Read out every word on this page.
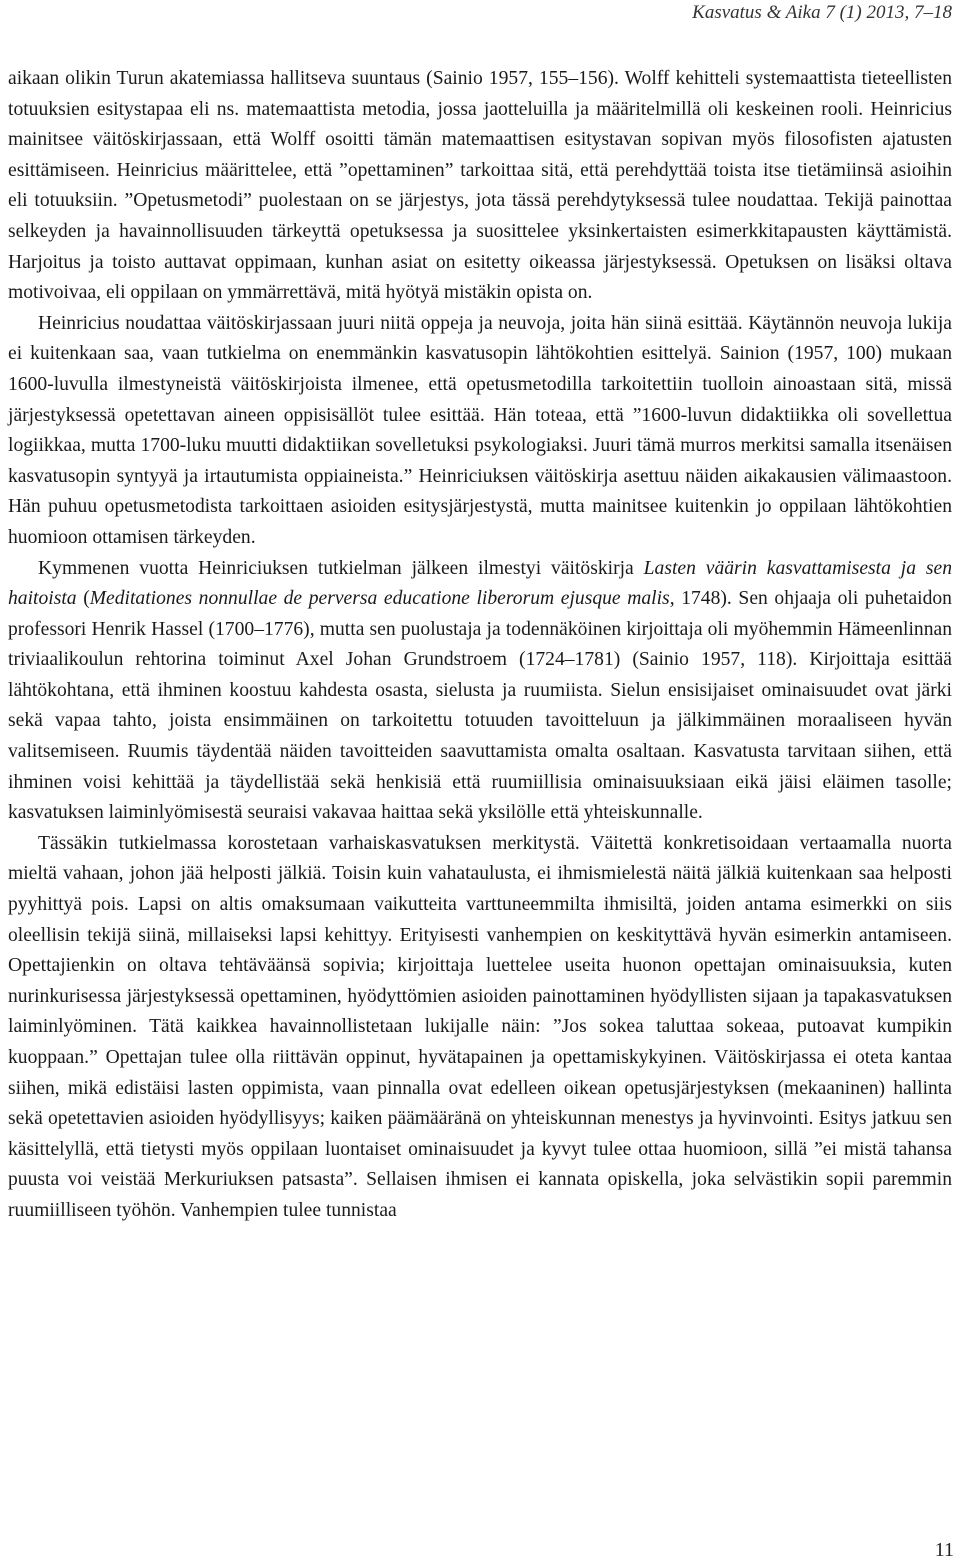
Kasvatus & Aika 7 (1) 2013, 7–18

aikaan olikin Turun akatemiassa hallitseva suuntaus (Sainio 1957, 155–156). Wolff kehitteli systemaattista tieteellisten totuuksien esitystapaa eli ns. matemaattista metodia, jossa jaotteluilla ja määritelmillä oli keskeinen rooli. Heinricius mainitsee väitöskirjassaan, että Wolff osoitti tämän matemaattisen esitystavan sopivan myös filosofisten ajatusten esittämiseen. Heinricius määrittelee, että ”opettaminen” tarkoittaa sitä, että perehdyttää toista itse tietämiinsä asioihin eli totuuksiin. ”Opetusmetodi” puolestaan on se järjestys, jota tässä perehdytyksessä tulee noudattaa. Tekijä painottaa selkeyden ja havainnollisuuden tärkeyttä opetuksessa ja suosittelee yksinkertaisten esimerkkitapausten käyttämistä. Harjoitus ja toisto auttavat oppimaan, kunhan asiat on esitetty oikeassa järjestyksessä. Opetuksen on lisäksi oltava motivoivaa, eli oppilaan on ymmärrettävä, mitä hyötyä mistäkin opista on.

Heinricius noudattaa väitöskirjassaan juuri niitä oppeja ja neuvoja, joita hän siinä esittää. Käytännön neuvoja lukija ei kuitenkaan saa, vaan tutkielma on enemmänkin kasvatusopin lähtökohtien esittelyä. Sainion (1957, 100) mukaan 1600-luvulla ilmestyneistä väitöskirjoista ilmenee, että opetusmetodilla tarkoitettiin tuolloin ainoastaan sitä, missä järjestyksessä opetettavan aineen oppisisällöt tulee esittää. Hän toteaa, että ”1600-luvun didaktiikka oli sovellettua logiikkaa, mutta 1700-luku muutti didaktiikan sovelletuksi psykologiaksi. Juuri tämä murros merkitsi samalla itsenäisen kasvatusopin syntyyä ja irtautumista oppiaineista.” Heinriciuksen väitöskirja asettuu näiden aikakausien välimaastoon. Hän puhuu opetusmetodista tarkoittaen asioiden esitysjärjestystä, mutta mainitsee kuitenkin jo oppilaan lähtökohtien huomioon ottamisen tärkeyden.

Kymmenen vuotta Heinriciuksen tutkielman jälkeen ilmestyi väitöskirja Lasten väärin kasvattamisesta ja sen haitoista (Meditationes nonnullae de perversa educatione liberorum ejusque malis, 1748). Sen ohjaaja oli puhetaidon professori Henrik Hassel (1700–1776), mutta sen puolustaja ja todennäköinen kirjoittaja oli myöhemmin Hämeenlinnan triviaalikoulun rehtorina toiminut Axel Johan Grundstroem (1724–1781) (Sainio 1957, 118). Kirjoittaja esittää lähtökohtana, että ihminen koostuu kahdesta osasta, sielusta ja ruumiista. Sielun ensisijaiset ominaisuudet ovat järki sekä vapaa tahto, joista ensimmäinen on tarkoitettu totuuden tavoitteluun ja jälkimmäinen moraaliseen hyvän valitsemiseen. Ruumis täydentää näiden tavoitteiden saavuttamista omalta osaltaan. Kasvatusta tarvitaan siihen, että ihminen voisi kehittää ja täydellistää sekä henkisiä että ruumiillisia ominaisuuksiaan eikä jäisi eläimen tasolle; kasvatuksen laiminlyömisestä seuraisi vakavaa haittaa sekä yksilölle että yhteiskunnalle.

Tässäkin tutkielmassa korostetaan varhaiskasvatuksen merkitystä. Väitettä konkretisoidaan vertaamalla nuorta mieltä vahaan, johon jää helposti jälkiä. Toisin kuin vahataulusta, ei ihmismielestä näitä jälkiä kuitenkaan saa helposti pyyhittyä pois. Lapsi on altis omaksumaan vaikutteita varttuneemmilta ihmisiltä, joiden antama esimerkki on siis oleellisin tekijä siinä, millaiseksi lapsi kehittyy. Erityisesti vanhempien on keskityttävä hyvän esimerkin antamiseen. Opettajienkin on oltava tehtäväänsä sopivia; kirjoittaja luettelee useita huonon opettajan ominaisuuksia, kuten nurinkurisessa järjestyksessä opettaminen, hyödyttömien asioiden painottaminen hyödyllisten sijaan ja tapakasvatuksen laiminlyöminen. Tätä kaikkea havainnollistetaan lukijalle näin: ”Jos sokea taluttaa sokeaa, putoavat kumpikin kuoppaan.” Opettajan tulee olla riittävän oppinut, hyvätapainen ja opettamiskykyinen. Väitöskirjassa ei oteta kantaa siihen, mikä edistäisi lasten oppimista, vaan pinnalla ovat edelleen oikean opetusjärjestyksen (mekaaninen) hallinta sekä opetettavien asioiden hyödyllisyys; kaiken päämääränä on yhteiskunnan menestys ja hyvinvointi. Esitys jatkuu sen käsittelyllä, että tietysti myös oppilaan luontaiset ominaisuudet ja kyvyt tulee ottaa huomioon, sillä ”ei mistä tahansa puusta voi veistää Merkuriuksen patsasta”. Sellaisen ihmisen ei kannata opiskella, joka selvästikin sopii paremmin ruumiilliseen työhön. Vanhempien tulee tunnistaa

11
